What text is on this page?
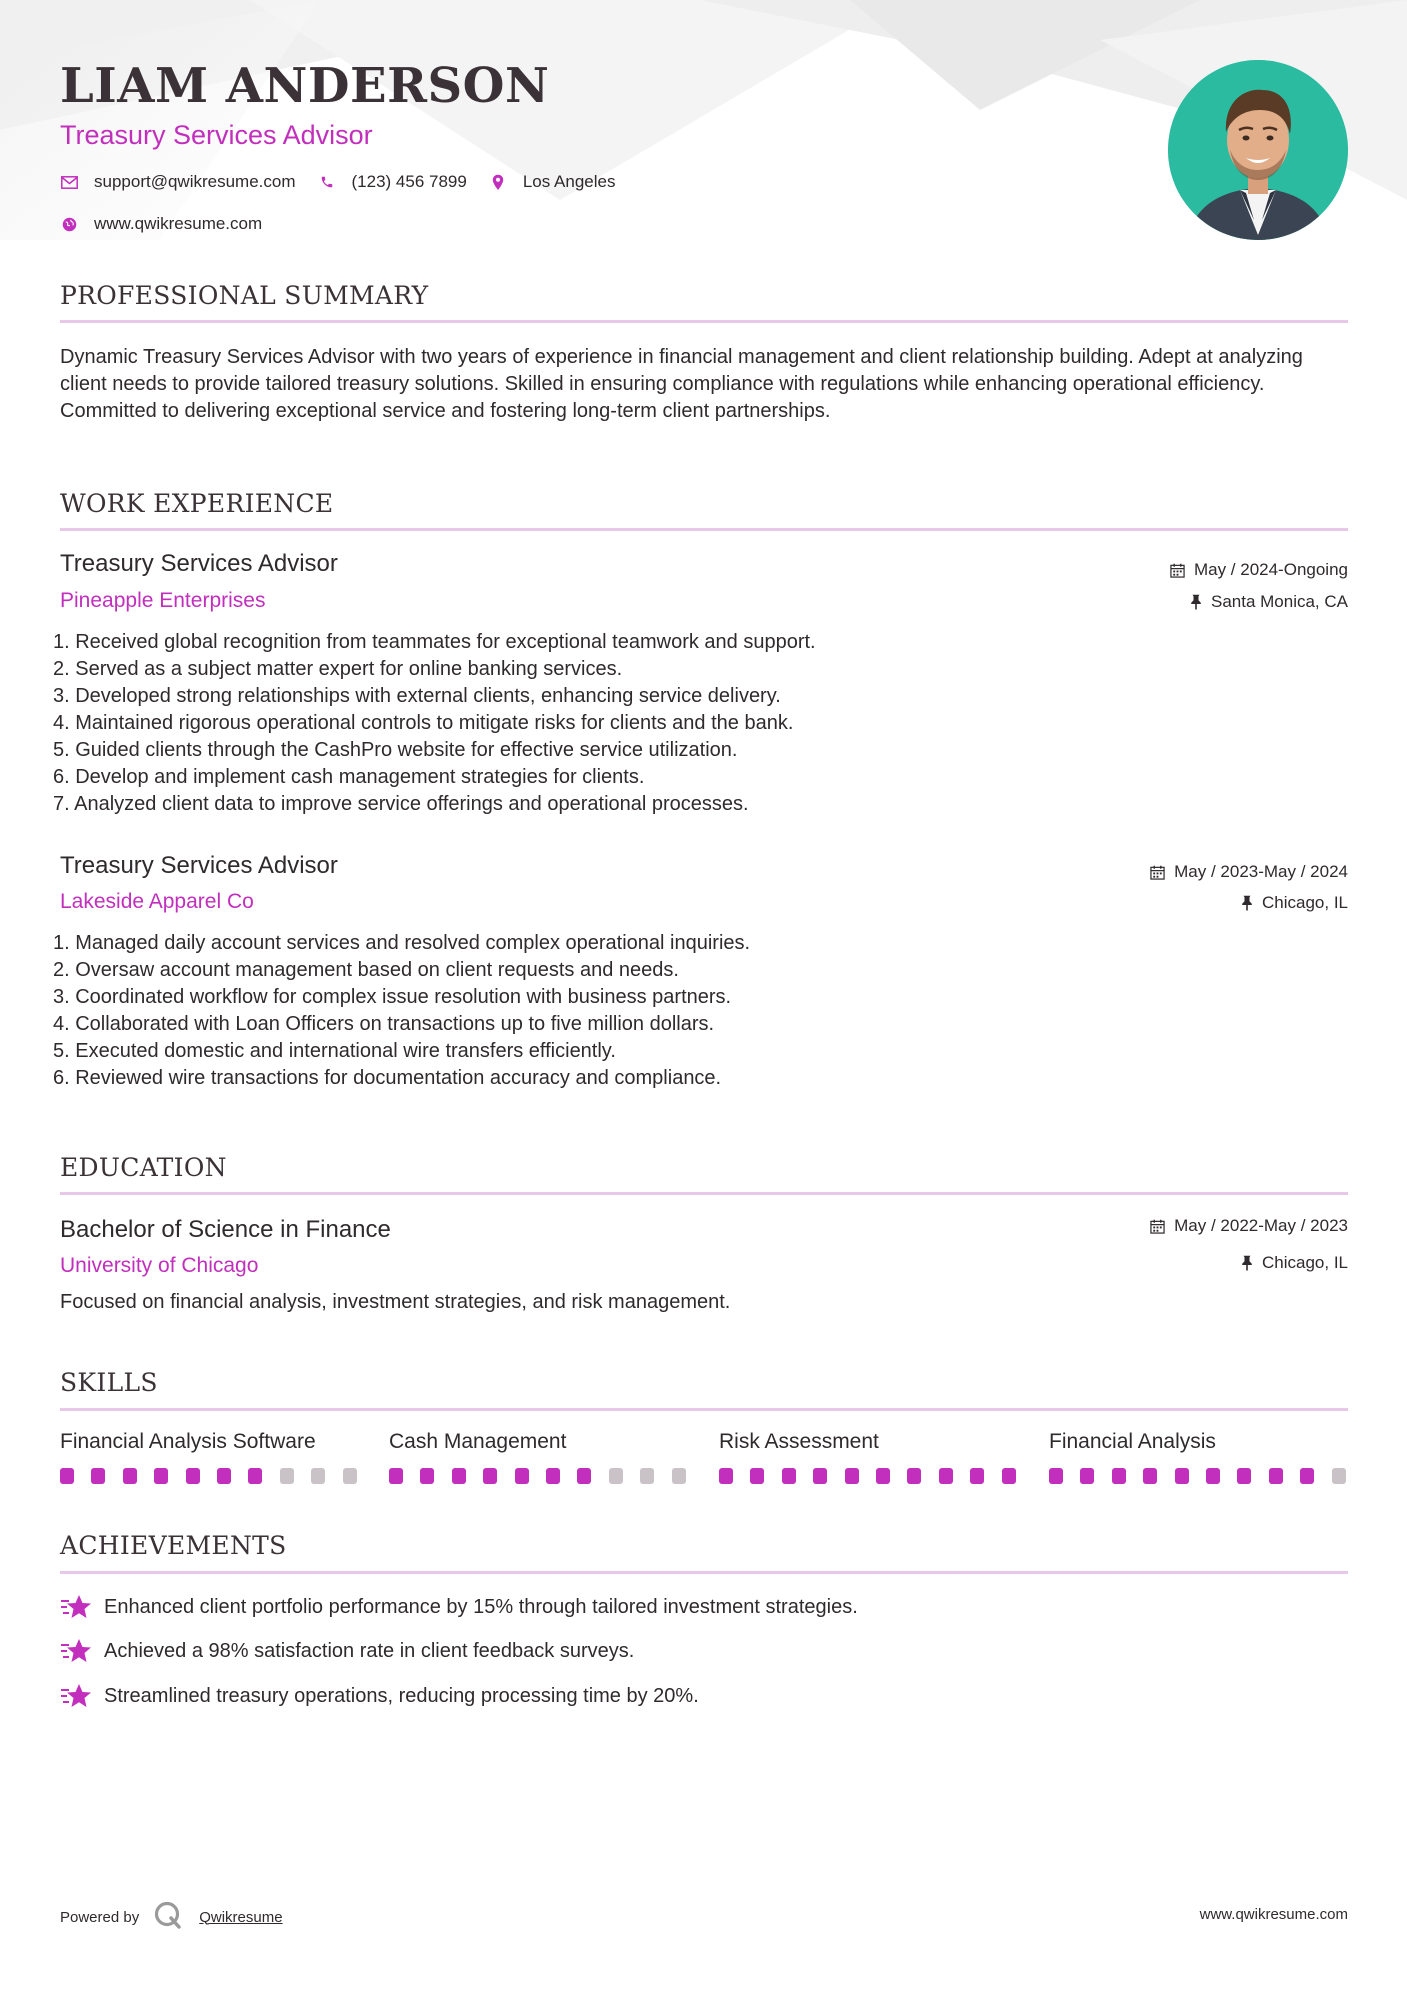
LIAM ANDERSON
Treasury Services Advisor
support@qwikresume.com	(123) 456 7899	Los Angeles
www.qwikresume.com
PROFESSIONAL SUMMARY
Dynamic Treasury Services Advisor with two years of experience in financial management and client relationship building. Adept at analyzing client needs to provide tailored treasury solutions. Skilled in ensuring compliance with regulations while enhancing operational efficiency. Committed to delivering exceptional service and fostering long-term client partnerships.
WORK EXPERIENCE
Treasury Services Advisor
Pineapple Enterprises
May / 2024-Ongoing
Santa Monica, CA
1. Received global recognition from teammates for exceptional teamwork and support.
2. Served as a subject matter expert for online banking services.
3. Developed strong relationships with external clients, enhancing service delivery.
4. Maintained rigorous operational controls to mitigate risks for clients and the bank.
5. Guided clients through the CashPro website for effective service utilization.
6. Develop and implement cash management strategies for clients.
7. Analyzed client data to improve service offerings and operational processes.
Treasury Services Advisor
Lakeside Apparel Co
May / 2023-May / 2024
Chicago, IL
1. Managed daily account services and resolved complex operational inquiries.
2. Oversaw account management based on client requests and needs.
3. Coordinated workflow for complex issue resolution with business partners.
4. Collaborated with Loan Officers on transactions up to five million dollars.
5. Executed domestic and international wire transfers efficiently.
6. Reviewed wire transactions for documentation accuracy and compliance.
EDUCATION
Bachelor of Science in Finance
University of Chicago
May / 2022-May / 2023
Chicago, IL
Focused on financial analysis, investment strategies, and risk management.
SKILLS
Financial Analysis Software	Cash Management	Risk Assessment	Financial Analysis
ACHIEVEMENTS
Enhanced client portfolio performance by 15% through tailored investment strategies.
Achieved a 98% satisfaction rate in client feedback surveys.
Streamlined treasury operations, reducing processing time by 20%.
Powered by	Qwikresume	www.qwikresume.com
